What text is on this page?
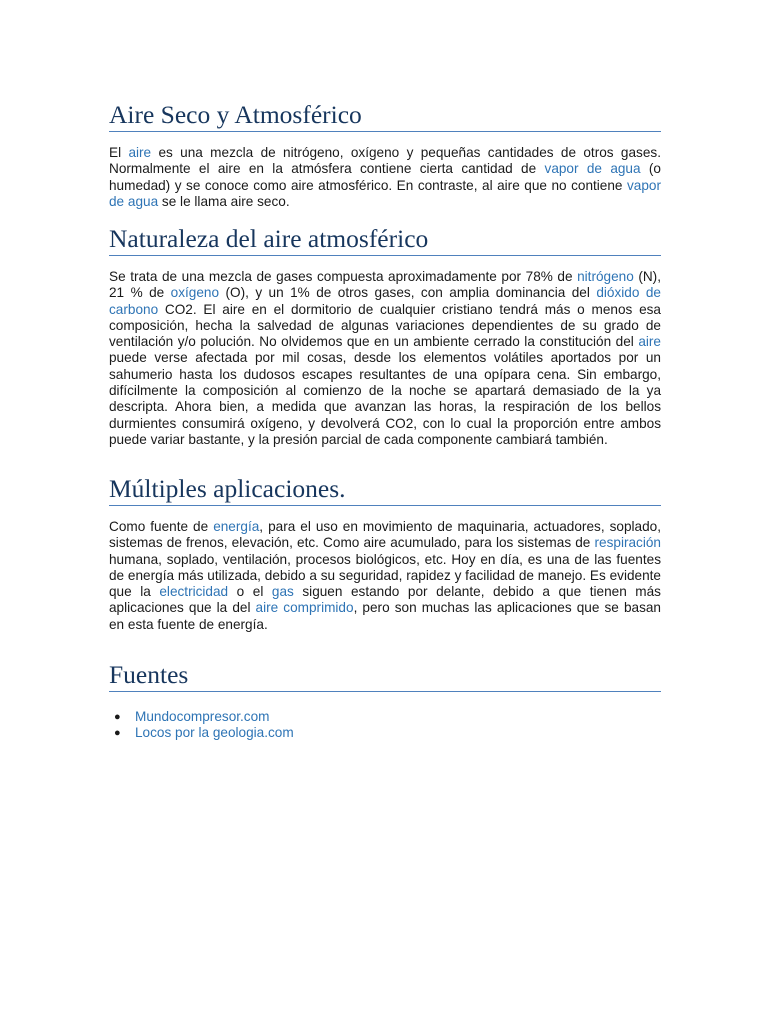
Aire Seco y Atmosférico

El aire es una mezcla de nitrógeno, oxígeno y pequeñas cantidades de otros gases. Normalmente el aire en la atmósfera contiene cierta cantidad de vapor de agua (o humedad) y se conoce como aire atmosférico. En contraste, al aire que no contiene vapor de agua se le llama aire seco.

Naturaleza del aire atmosférico

Se trata de una mezcla de gases compuesta aproximadamente por 78% de nitrógeno (N), 21 % de oxígeno (O), y un 1% de otros gases, con amplia dominancia del dióxido de carbono CO2. El aire en el dormitorio de cualquier cristiano tendrá más o menos esa composición, hecha la salvedad de algunas variaciones dependientes de su grado de ventilación y/o polución. No olvidemos que en un ambiente cerrado la constitución del aire puede verse afectada por mil cosas, desde los elementos volátiles aportados por un sahumerio hasta los dudosos escapes resultantes de una opípara cena. Sin embargo, difícilmente la composición al comienzo de la noche se apartará demasiado de la ya descripta. Ahora bien, a medida que avanzan las horas, la respiración de los bellos durmientes consumirá oxígeno, y devolverá CO2, con lo cual la proporción entre ambos puede variar bastante, y la presión parcial de cada componente cambiará también.

Múltiples aplicaciones.

Como fuente de energía, para el uso en movimiento de maquinaria, actuadores, soplado, sistemas de frenos, elevación, etc. Como aire acumulado, para los sistemas de respiración humana, soplado, ventilación, procesos biológicos, etc. Hoy en día, es una de las fuentes de energía más utilizada, debido a su seguridad, rapidez y facilidad de manejo. Es evidente que la electricidad o el gas siguen estando por delante, debido a que tienen más aplicaciones que la del aire comprimido, pero son muchas las aplicaciones que se basan en esta fuente de energía.

Fuentes
● Mundocompresor.com
● Locos por la geologia.com
